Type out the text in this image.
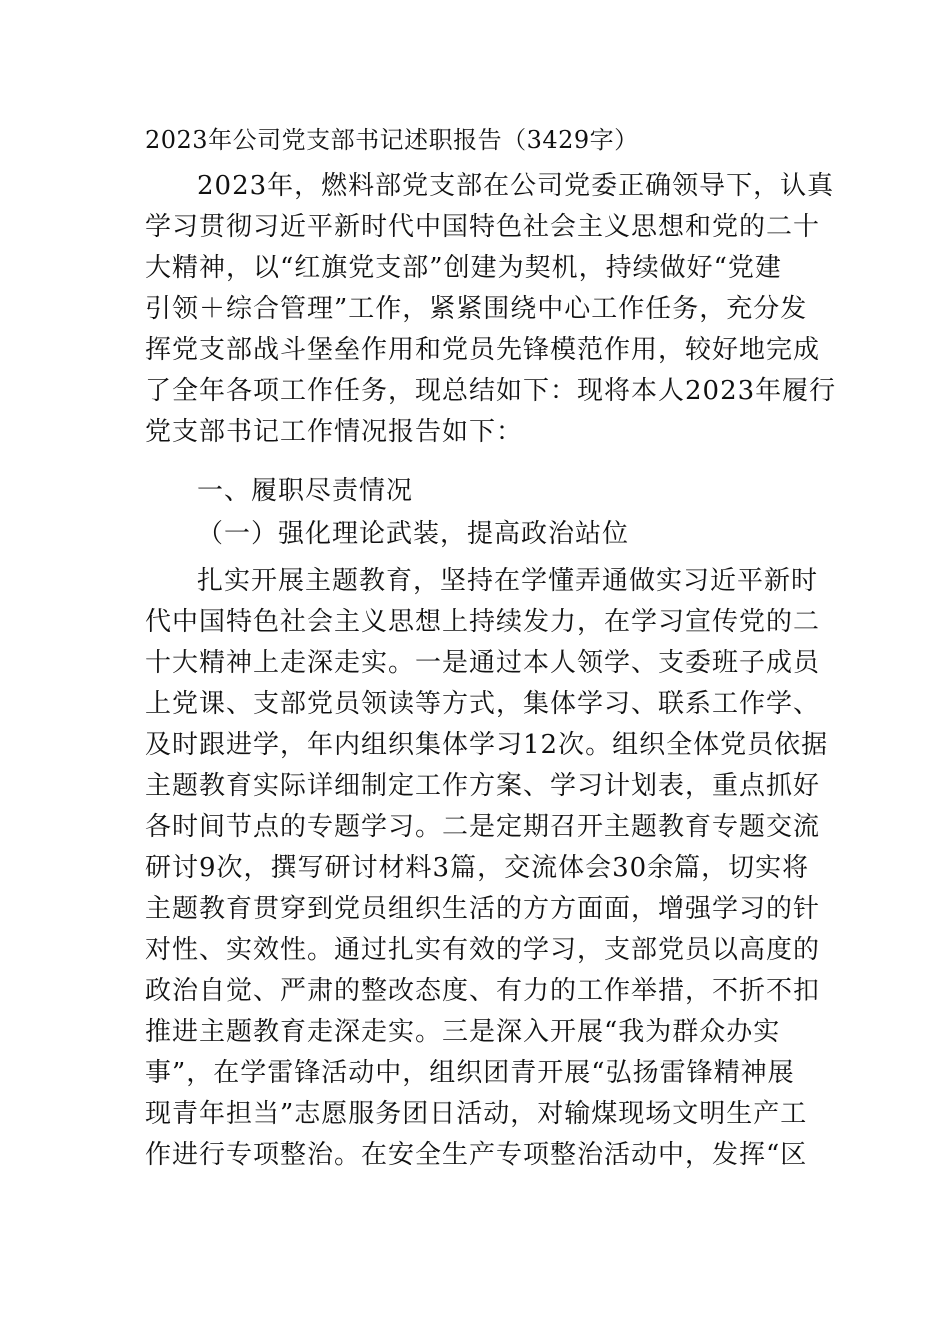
2023年公司党支部书记述职报告（3429字）
2023年，燃料部党支部在公司党委正确领导下，认真
学习贯彻习近平新时代中国特色社会主义思想和党的二十
大精神，以“红旗党支部”创建为契机，持续做好“党建
引领＋综合管理”工作，紧紧围绕中心工作任务，充分发
挥党支部战斗堡垒作用和党员先锋模范作用，较好地完成
了全年各项工作任务，现总结如下：现将本人2023年履行
党支部书记工作情况报告如下：
一、履职尽责情况
（一）强化理论武装，提高政治站位
扎实开展主题教育，坚持在学懂弄通做实习近平新时
代中国特色社会主义思想上持续发力，在学习宣传党的二
十大精神上走深走实。一是通过本人领学、支委班子成员
上党课、支部党员领读等方式，集体学习、联系工作学、
及时跟进学，年内组织集体学习12次。组织全体党员依据
主题教育实际详细制定工作方案、学习计划表，重点抓好
各时间节点的专题学习。二是定期召开主题教育专题交流
研讨9次，撰写研讨材料3篇，交流体会30余篇，切实将
主题教育贯穿到党员组织生活的方方面面，增强学习的针
对性、实效性。通过扎实有效的学习，支部党员以高度的
政治自觉、严肃的整改态度、有力的工作举措，不折不扣
推进主题教育走深走实。三是深入开展“我为群众办实
事”，在学雷锋活动中，组织团青开展“弘扬雷锋精神展
现青年担当”志愿服务团日活动，对输煤现场文明生产工
作进行专项整治。在安全生产专项整治活动中，发挥“区
